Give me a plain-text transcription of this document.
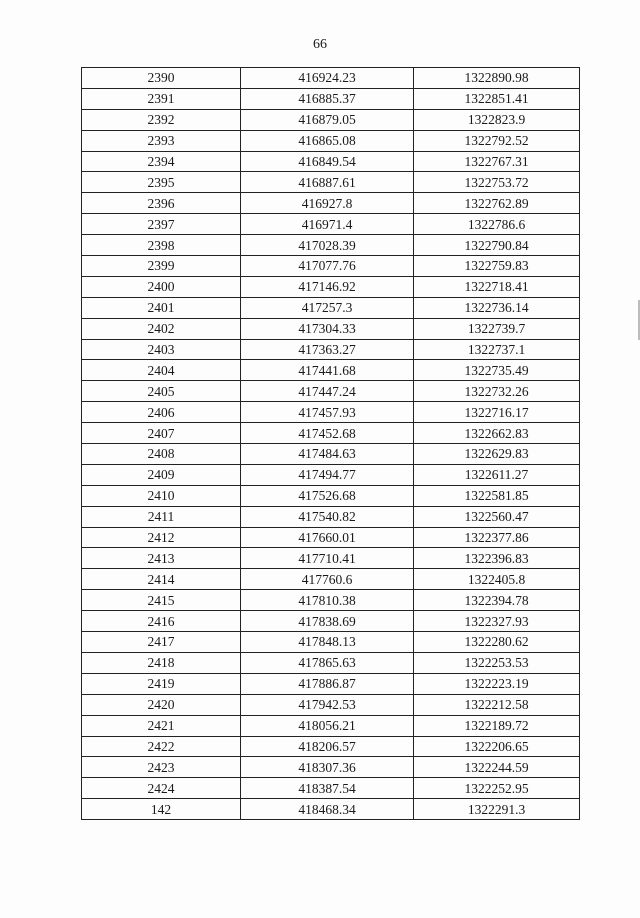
66
2390	416924.23	1322890.98
2391	416885.37	1322851.41
2392	416879.05	1322823.9
2393	416865.08	1322792.52
2394	416849.54	1322767.31
2395	416887.61	1322753.72
2396	416927.8	1322762.89
2397	416971.4	1322786.6
2398	417028.39	1322790.84
2399	417077.76	1322759.83
2400	417146.92	1322718.41
2401	417257.3	1322736.14
2402	417304.33	1322739.7
2403	417363.27	1322737.1
2404	417441.68	1322735.49
2405	417447.24	1322732.26
2406	417457.93	1322716.17
2407	417452.68	1322662.83
2408	417484.63	1322629.83
2409	417494.77	1322611.27
2410	417526.68	1322581.85
2411	417540.82	1322560.47
2412	417660.01	1322377.86
2413	417710.41	1322396.83
2414	417760.6	1322405.8
2415	417810.38	1322394.78
2416	417838.69	1322327.93
2417	417848.13	1322280.62
2418	417865.63	1322253.53
2419	417886.87	1322223.19
2420	417942.53	1322212.58
2421	418056.21	1322189.72
2422	418206.57	1322206.65
2423	418307.36	1322244.59
2424	418387.54	1322252.95
142	418468.34	1322291.3
